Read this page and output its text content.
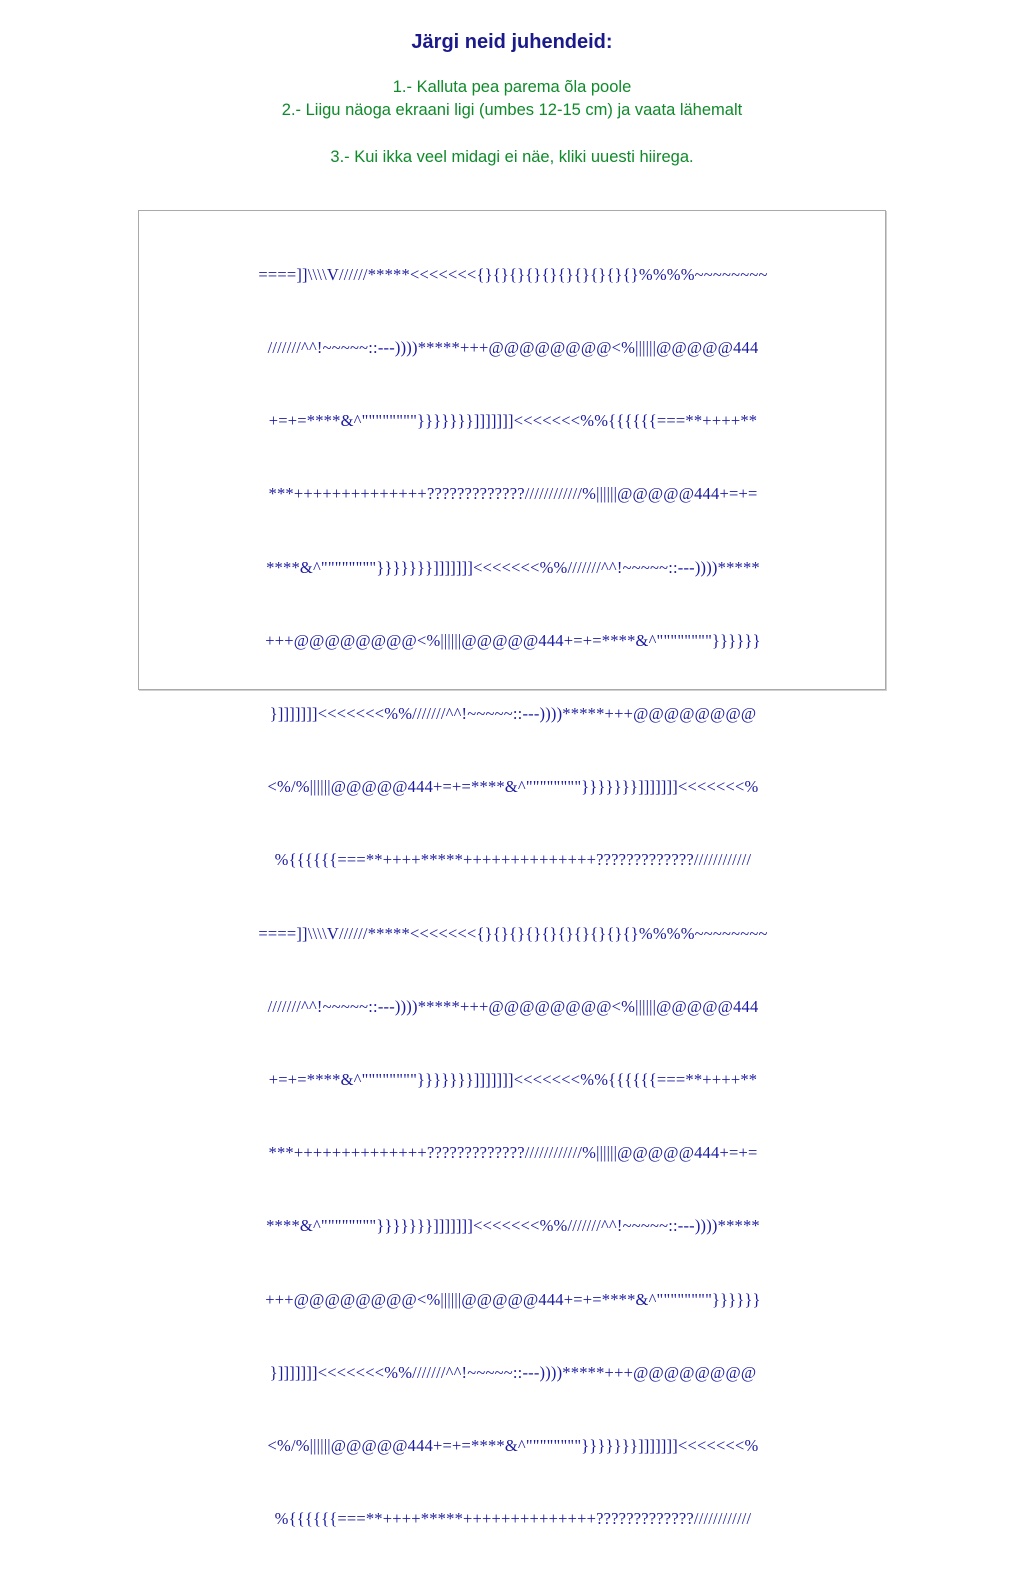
Järgi neid juhendeid:
1.- Kalluta pea parema õla poole
2.- Liigu näoga ekraani ligi (umbes 12-15 cm) ja vaata lähemalt
3.- Kui ikka veel midagi ei näe, kliki uuesti hiirega.

====]]\\\\V//////*****<<<<<<<{}{}{}{}{}{}{}{}{}{}%%%%~~~~~~~~

///////^^!~~~~~::---))))*****+++@@@@@@@@<%||||||@@@@@444

+=+=****&^""""""""}}}}}}}]]]]]]]<<<<<<<%%{{{{{{===**++++**

***++++++++++++++?????????????////////////%||||||@@@@@444+=+=

****&^""""""""}}}}}}}]]]]]]]<<<<<<<%%///////^^!~~~~~::---))))*****

+++@@@@@@@@<%||||||@@@@@444+=+=****&^""""""""}}}}}}

}]]]]]]]<<<<<<<%%///////^^!~~~~~::---))))*****+++@@@@@@@@

<%/%||||||@@@@@444+=+=****&^""""""""}}}}}}}]]]]]]]<<<<<<<%

%{{{{{{===**++++*****++++++++++++++?????????????////////////

====]]\\\\V//////*****<<<<<<<{}{}{}{}{}{}{}{}{}{}%%%%~~~~~~~~

///////^^!~~~~~::---))))*****+++@@@@@@@@<%||||||@@@@@444

+=+=****&^""""""""}}}}}}}]]]]]]]<<<<<<<%%{{{{{{===**++++**

***++++++++++++++?????????????////////////%||||||@@@@@444+=+=

****&^""""""""}}}}}}}]]]]]]]<<<<<<<%%///////^^!~~~~~::---))))*****

+++@@@@@@@@<%||||||@@@@@444+=+=****&^""""""""}}}}}}

}]]]]]]]<<<<<<<%%///////^^!~~~~~::---))))*****+++@@@@@@@@

<%/%||||||@@@@@444+=+=****&^""""""""}}}}}}}]]]]]]]<<<<<<<%

%{{{{{{===**++++*****++++++++++++++?????????????////////////
